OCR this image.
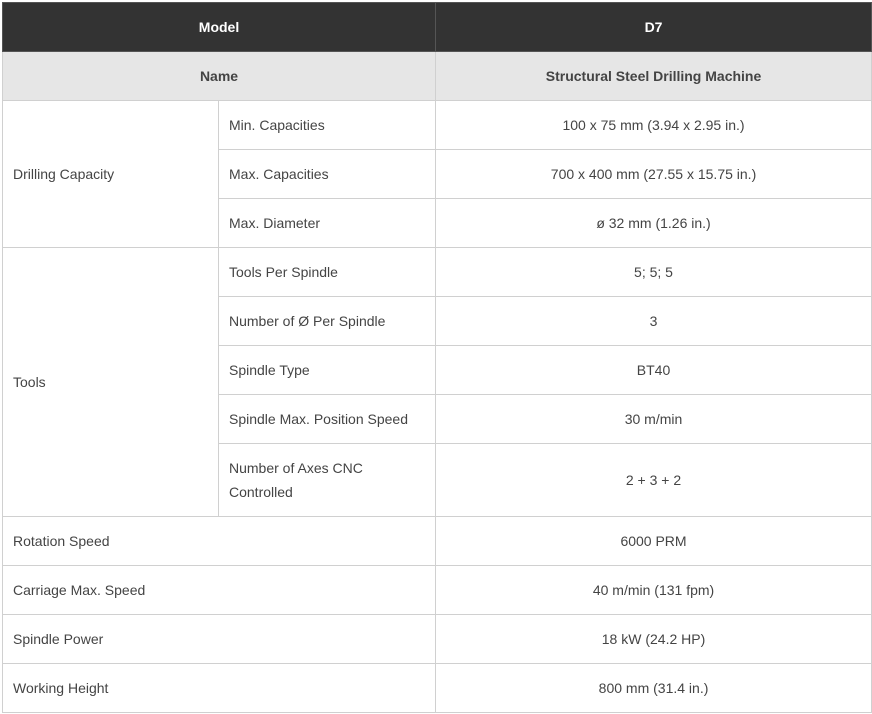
Model		D7
Name		Structural Steel Drilling Machine
Drilling Capacity	Min. Capacities	100 x 75 mm (3.94 x 2.95 in.)
	Max. Capacities	700 x 400 mm (27.55 x 15.75 in.)
	Max. Diameter	ø 32 mm (1.26 in.)
Tools	Tools Per Spindle	5; 5; 5
	Number of Ø Per Spindle	3
	Spindle Type	BT40
	Spindle Max. Position Speed	30 m/min
	Number of Axes CNC Controlled	2 + 3 + 2
Rotation Speed		6000 PRM
Carriage Max. Speed		40 m/min (131 fpm)
Spindle Power		18 kW (24.2 HP)
Working Height		800 mm (31.4 in.)
